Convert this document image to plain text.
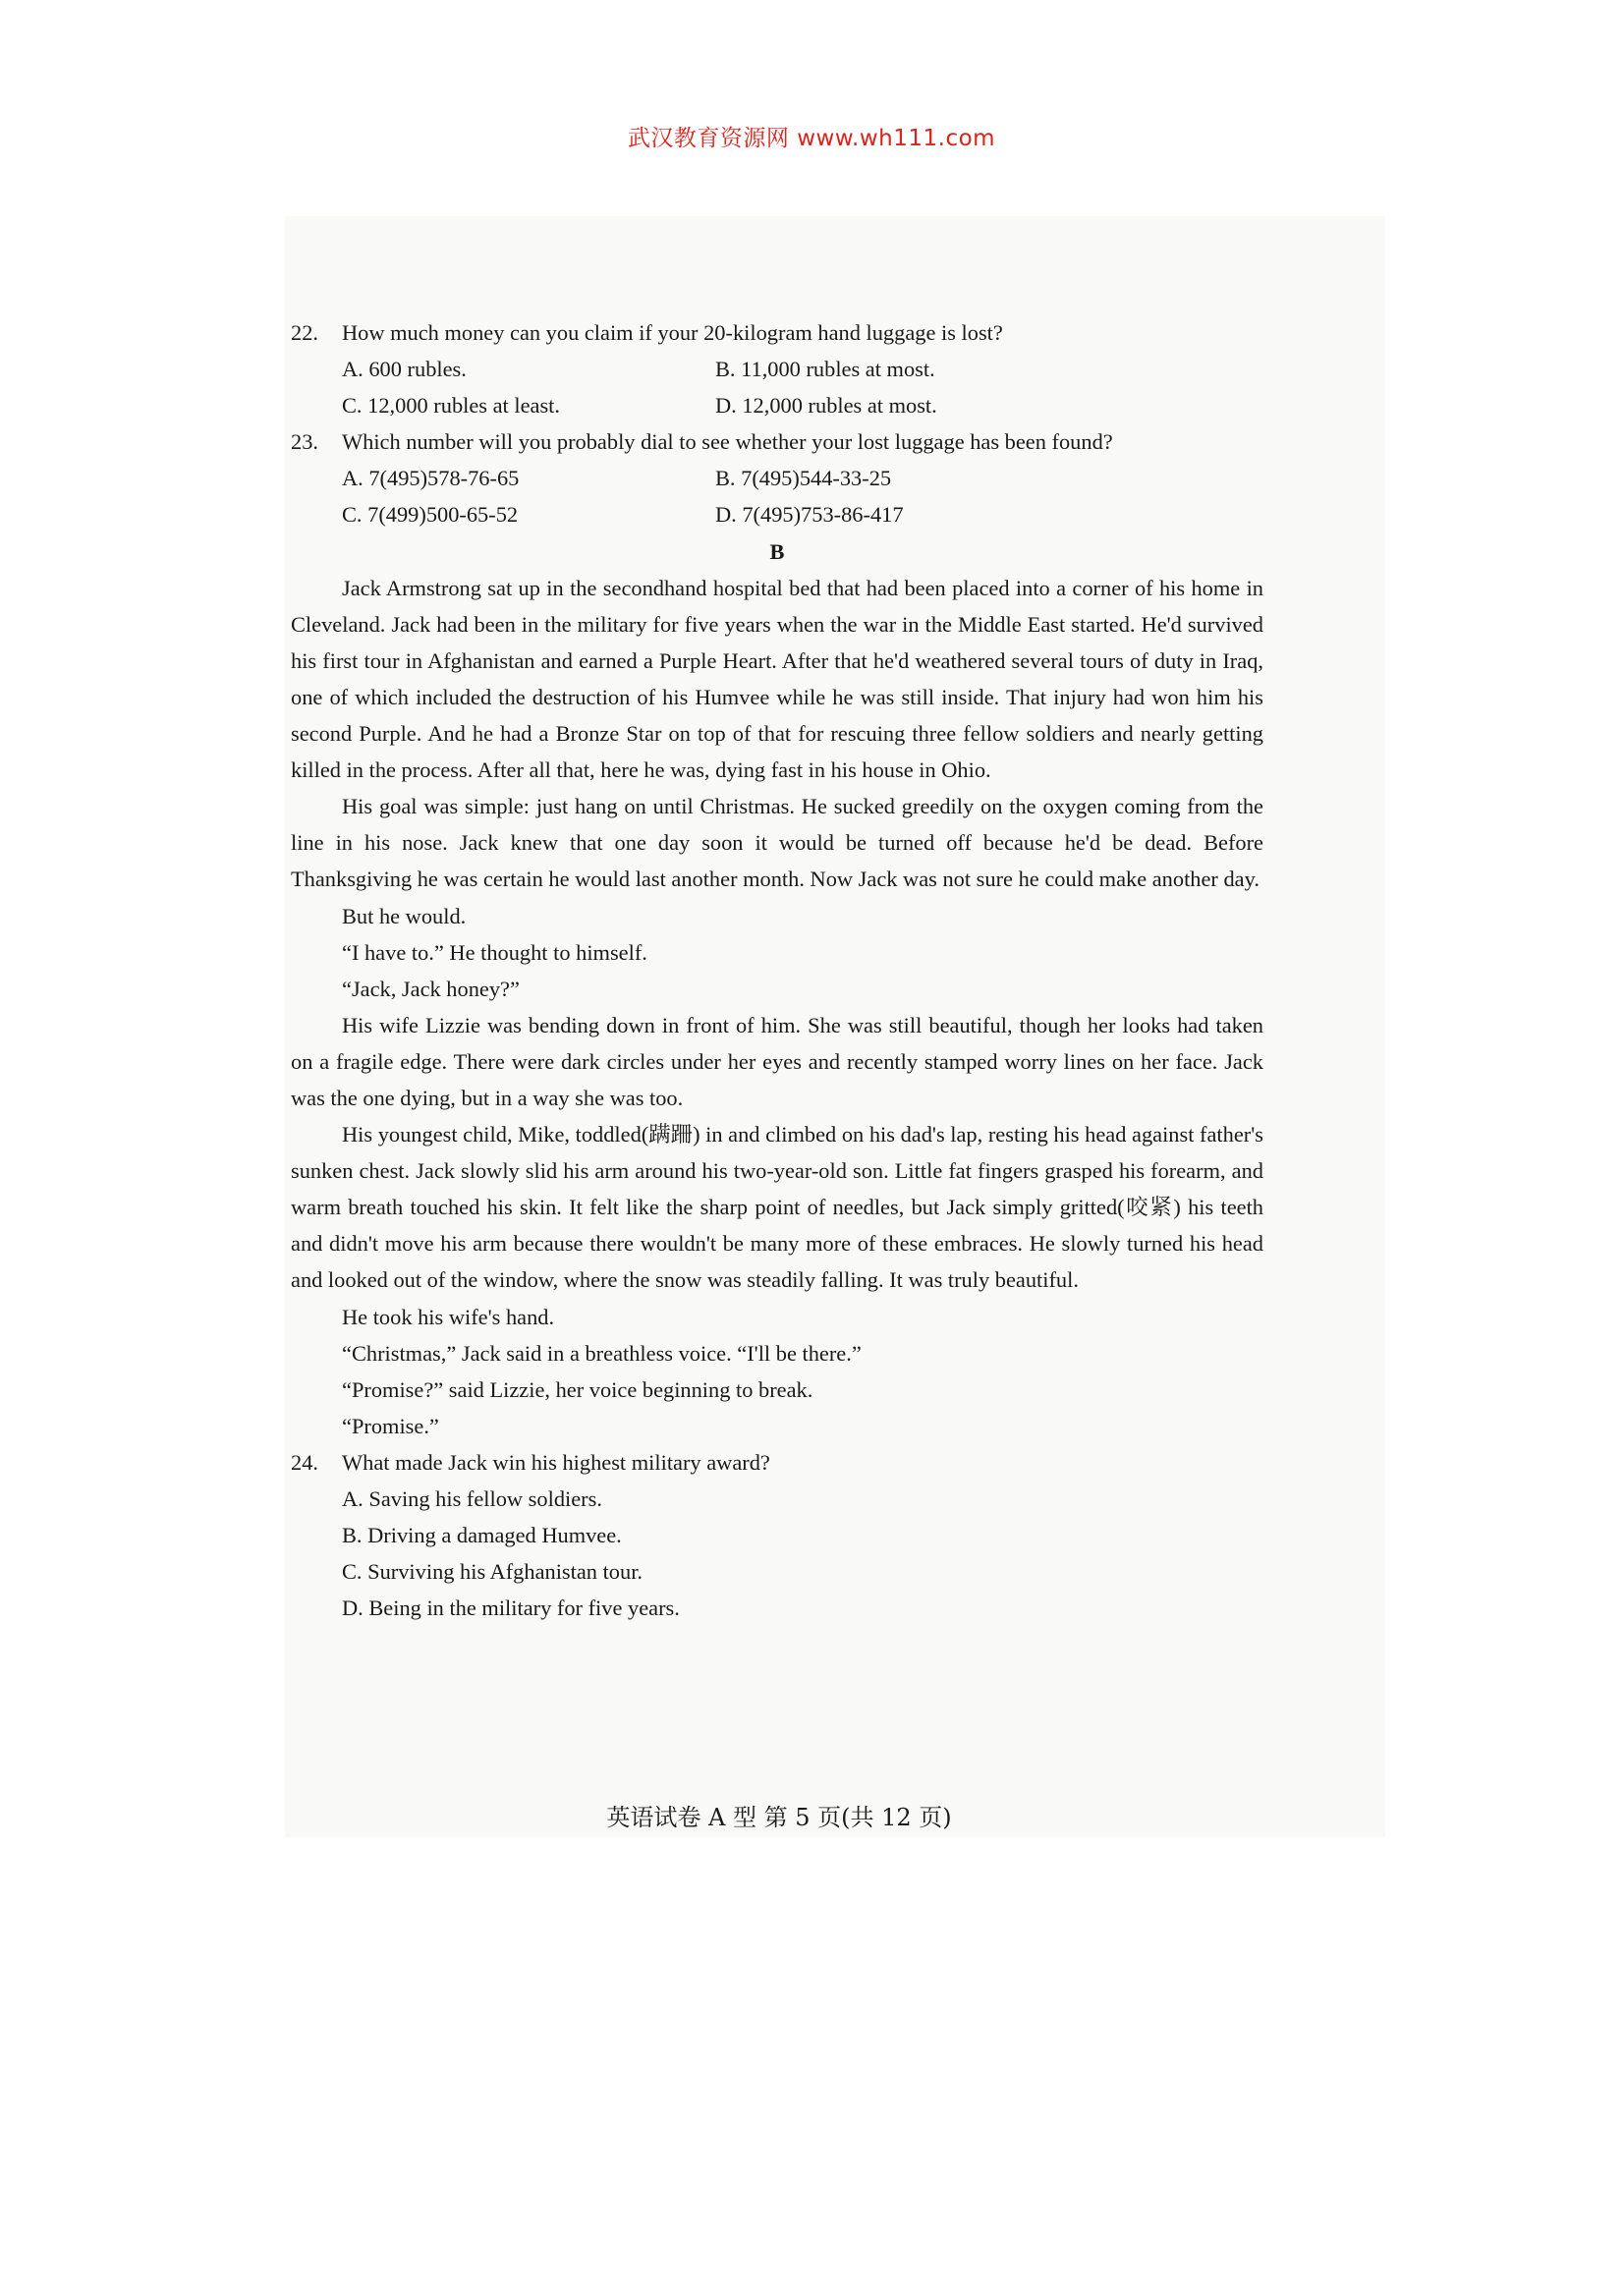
武汉教育资源网 www.wh111.com
22. How much money can you claim if your 20-kilogram hand luggage is lost?
A. 600 rubles.	B. 11,000 rubles at most.
C. 12,000 rubles at least.	D. 12,000 rubles at most.
23. Which number will you probably dial to see whether your lost luggage has been found?
A. 7(495)578-76-65	B. 7(495)544-33-25
C. 7(499)500-65-52	D. 7(495)753-86-417
B
Jack Armstrong sat up in the secondhand hospital bed that had been placed into a corner of his home in Cleveland. Jack had been in the military for five years when the war in the Middle East started. He'd survived his first tour in Afghanistan and earned a Purple Heart. After that he'd weathered several tours of duty in Iraq, one of which included the destruction of his Humvee while he was still inside. That injury had won him his second Purple. And he had a Bronze Star on top of that for rescuing three fellow soldiers and nearly getting killed in the process. After all that, here he was, dying fast in his house in Ohio.
His goal was simple: just hang on until Christmas. He sucked greedily on the oxygen coming from the line in his nose. Jack knew that one day soon it would be turned off because he'd be dead. Before Thanksgiving he was certain he would last another month. Now Jack was not sure he could make another day.
But he would.
“I have to.” He thought to himself.
“Jack, Jack honey?”
His wife Lizzie was bending down in front of him. She was still beautiful, though her looks had taken on a fragile edge. There were dark circles under her eyes and recently stamped worry lines on her face. Jack was the one dying, but in a way she was too.
His youngest child, Mike, toddled(蹒跚) in and climbed on his dad's lap, resting his head against father's sunken chest. Jack slowly slid his arm around his two-year-old son. Little fat fingers grasped his forearm, and warm breath touched his skin. It felt like the sharp point of needles, but Jack simply gritted(咬紧) his teeth and didn't move his arm because there wouldn't be many more of these embraces. He slowly turned his head and looked out of the window, where the snow was steadily falling. It was truly beautiful.
He took his wife's hand.
“Christmas,” Jack said in a breathless voice. “I'll be there.”
“Promise?” said Lizzie, her voice beginning to break.
“Promise.”
24. What made Jack win his highest military award?
A. Saving his fellow soldiers.
B. Driving a damaged Humvee.
C. Surviving his Afghanistan tour.
D. Being in the military for five years.
英语试卷 A 型 第 5 页(共 12 页)
